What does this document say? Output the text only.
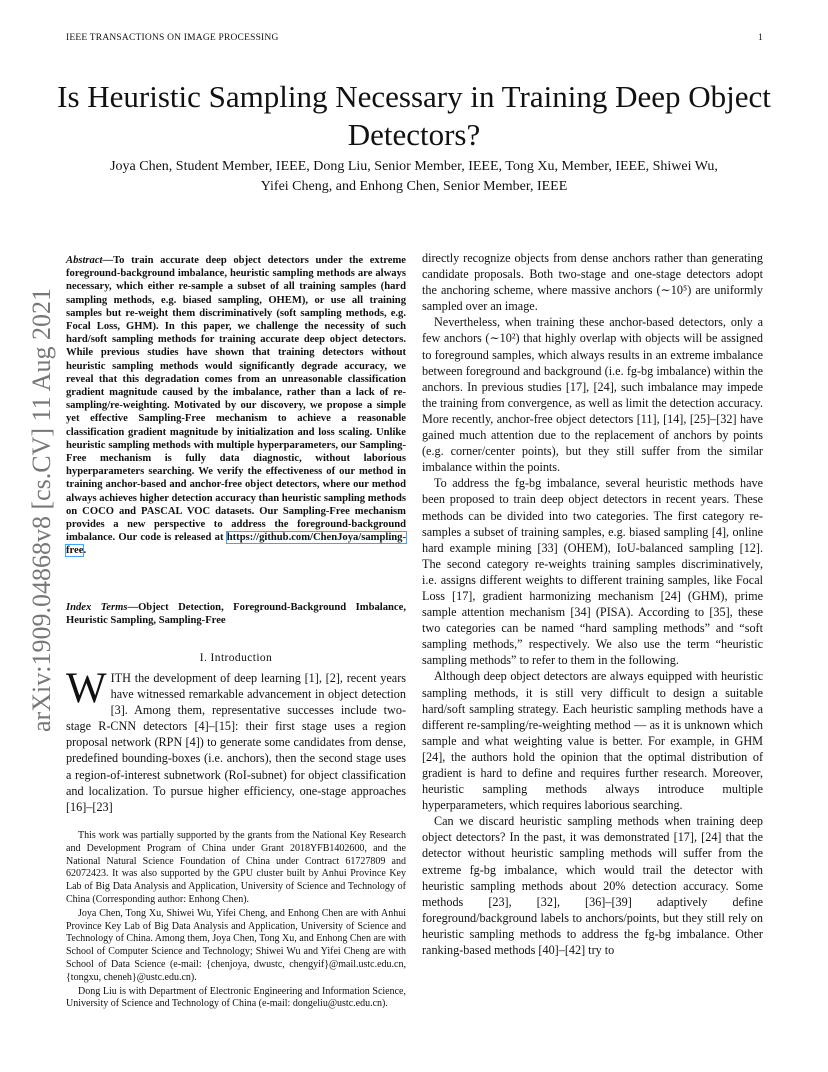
IEEE TRANSACTIONS ON IMAGE PROCESSING	1
arXiv:1909.04868v8 [cs.CV] 11 Aug 2021
Is Heuristic Sampling Necessary in Training Deep Object Detectors?
Joya Chen, Student Member, IEEE, Dong Liu, Senior Member, IEEE, Tong Xu, Member, IEEE, Shiwei Wu,
Yifei Cheng, and Enhong Chen, Senior Member, IEEE
Abstract—To train accurate deep object detectors under the extreme foreground-background imbalance, heuristic sampling methods are always necessary, which either re-sample a subset of all training samples (hard sampling methods, e.g. biased sampling, OHEM), or use all training samples but re-weight them discriminatively (soft sampling methods, e.g. Focal Loss, GHM). In this paper, we challenge the necessity of such hard/soft sampling methods for training accurate deep object detectors. While previous studies have shown that training detectors without heuristic sampling methods would significantly degrade accuracy, we reveal that this degradation comes from an unreasonable classification gradient magnitude caused by the imbalance, rather than a lack of re-sampling/re-weighting. Motivated by our discovery, we propose a simple yet effective Sampling-Free mechanism to achieve a reasonable classification gradient magnitude by initialization and loss scaling. Unlike heuristic sampling methods with multiple hyperparameters, our Sampling-Free mechanism is fully data diagnostic, without laborious hyperparameters searching. We verify the effectiveness of our method in training anchor-based and anchor-free object detectors, where our method always achieves higher detection accuracy than heuristic sampling methods on COCO and PASCAL VOC datasets. Our Sampling-Free mechanism provides a new perspective to address the foreground-background imbalance. Our code is released at https://github.com/ChenJoya/sampling-free.
Index Terms—Object Detection, Foreground-Background Imbalance, Heuristic Sampling, Sampling-Free
I. Introduction
WITH the development of deep learning [1], [2], recent years have witnessed remarkable advancement in object detection [3]. Among them, representative successes include two-stage R-CNN detectors [4]–[15]: their first stage uses a region proposal network (RPN [4]) to generate some candidates from dense, predefined bounding-boxes (i.e. anchors), then the second stage uses a region-of-interest subnetwork (RoI-subnet) for object classification and localization. To pursue higher efficiency, one-stage approaches [16]–[23]

This work was partially supported by the grants from the National Key Research and Development Program of China under Grant 2018YFB1402600, and the National Natural Science Foundation of China under Contract 61727809 and 62072423. It was also supported by the GPU cluster built by Anhui Province Key Lab of Big Data Analysis and Application, University of Science and Technology of China (Corresponding author: Enhong Chen).

Joya Chen, Tong Xu, Shiwei Wu, Yifei Cheng, and Enhong Chen are with Anhui Province Key Lab of Big Data Analysis and Application, University of Science and Technology of China. Among them, Joya Chen, Tong Xu, and Enhong Chen are with School of Computer Science and Technology; Shiwei Wu and Yifei Cheng are with School of Data Science (e-mail: {chenjoya, dwustc, chengyif}@mail.ustc.edu.cn, {tongxu, cheneh}@ustc.edu.cn).

Dong Liu is with Department of Electronic Engineering and Information Science, University of Science and Technology of China (e-mail: dongeliu@ustc.edu.cn).

directly recognize objects from dense anchors rather than generating candidate proposals. Both two-stage and one-stage detectors adopt the anchoring scheme, where massive anchors (∼10⁵) are uniformly sampled over an image.

Nevertheless, when training these anchor-based detectors, only a few anchors (∼10²) that highly overlap with objects will be assigned to foreground samples, which always results in an extreme imbalance between foreground and background (i.e. fg-bg imbalance) within the anchors. In previous studies [17], [24], such imbalance may impede the training from convergence, as well as limit the detection accuracy. More recently, anchor-free object detectors [11], [14], [25]–[32] have gained much attention due to the replacement of anchors by points (e.g. corner/center points), but they still suffer from the similar imbalance within the points.

To address the fg-bg imbalance, several heuristic methods have been proposed to train deep object detectors in recent years. These methods can be divided into two categories. The first category re-samples a subset of training samples, e.g. biased sampling [4], online hard example mining [33] (OHEM), IoU-balanced sampling [12]. The second category re-weights training samples discriminatively, i.e. assigns different weights to different training samples, like Focal Loss [17], gradient harmonizing mechanism [24] (GHM), prime sample attention mechanism [34] (PISA). According to [35], these two categories can be named “hard sampling methods” and “soft sampling methods,” respectively. We also use the term “heuristic sampling methods” to refer to them in the following.

Although deep object detectors are always equipped with heuristic sampling methods, it is still very difficult to design a suitable hard/soft sampling strategy. Each heuristic sampling methods have a different re-sampling/re-weighting method — as it is unknown which sample and what weighting value is better. For example, in GHM [24], the authors hold the opinion that the optimal distribution of gradient is hard to define and requires further research. Moreover, heuristic sampling methods always introduce multiple hyperparameters, which requires laborious searching.

Can we discard heuristic sampling methods when training deep object detectors? In the past, it was demonstrated [17], [24] that the detector without heuristic sampling methods will suffer from the extreme fg-bg imbalance, which would trail the detector with heuristic sampling methods about 20% detection accuracy. Some methods [23], [32], [36]–[39] adaptively define foreground/background labels to anchors/points, but they still rely on heuristic sampling methods to address the fg-bg imbalance. Other ranking-based methods [40]–[42] try to
